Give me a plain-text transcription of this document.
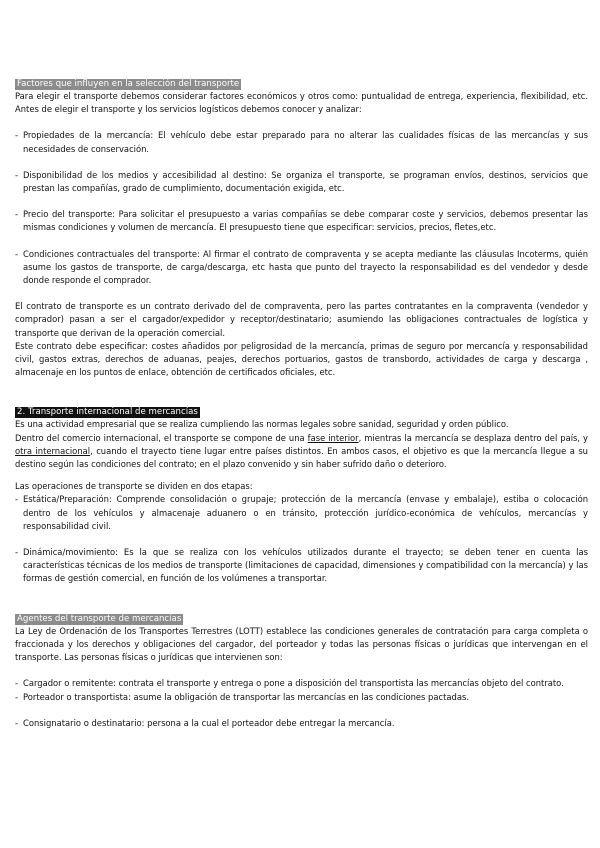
Factores que influyen en la selección del transporte

Para elegir el transporte debemos considerar factores económicos y otros como: puntualidad de entrega, experiencia, flexibilidad, etc. Antes de elegir el transporte y los servicios logísticos debemos conocer y analizar:

- Propiedades de la mercancía: El vehículo debe estar preparado para no alterar las cualidades físicas de las mercancías y sus necesidades de conservación.
- Disponibilidad de los medios y accesibilidad al destino: Se organiza el transporte, se programan envíos, destinos, servicios que prestan las compañías, grado de cumplimiento, documentación exigida, etc.
- Precio del transporte: Para solicitar el presupuesto a varias compañías se debe comparar coste y servicios, debemos presentar las mismas condiciones y volumen de mercancía. El presupuesto tiene que especificar: servicios, precios, fletes,etc.
- Condiciones contractuales del transporte: Al firmar el contrato de compraventa y se acepta mediante las cláusulas Incoterms, quién asume los gastos de transporte, de carga/descarga, etc hasta que punto del trayecto la responsabilidad es del vendedor y desde donde responde el comprador.

El contrato de transporte es un contrato derivado del de compraventa, pero las partes contratantes en la compraventa (vendedor y comprador) pasan a ser el cargador/expedidor y receptor/destinatario; asumiendo las obligaciones contractuales de logística y transporte que derivan de la operación comercial.

Este contrato debe especificar: costes añadidos por peligrosidad de la mercancía, primas de seguro por mercancía y responsabilidad civil, gastos extras, derechos de aduanas, peajes, derechos portuarios, gastos de transbordo, actividades de carga y descarga , almacenaje en los puntos de enlace, obtención de certificados oficiales, etc.

2. Transporte internacional de mercancías

Es una actividad empresarial que se realiza cumpliendo las normas legales sobre sanidad, seguridad y orden público.

Dentro del comercio internacional, el transporte se compone de una fase interior, mientras la mercancía se desplaza dentro del país, y otra internacional, cuando el trayecto tiene lugar entre países distintos. En ambos casos, el objetivo es que la mercancía llegue a su destino según las condiciones del contrato; en el plazo convenido y sin haber sufrido daño o deterioro.

Las operaciones de transporte se dividen en dos etapas:

- Estática/Preparación: Comprende consolidación o grupaje; protección de la mercancía (envase y embalaje), estiba o colocación dentro de los vehículos y almacenaje aduanero o en tránsito, protección jurídico-económica de vehículos, mercancías y responsabilidad civil.
- Dinámica/movimiento: Es la que se realiza con los vehículos utilizados durante el trayecto; se deben tener en cuenta las características técnicas de los medios de transporte (limitaciones de capacidad, dimensiones y compatibilidad con la mercancía) y las formas de gestión comercial, en función de los volúmenes a transportar.
Agentes del transporte de mercancías

La Ley de Ordenación de los Transportes Terrestres (LOTT) establece las condiciones generales de contratación para carga completa o fraccionada y los derechos y obligaciones del cargador, del porteador y todas las personas físicas o jurídicas que intervengan en el transporte. Las personas físicas o jurídicas que intervienen son:

- Cargador o remitente: contrata el transporte y entrega o pone a disposición del transportista las mercancías objeto del contrato.
- Porteador o transportista: asume la obligación de transportar las mercancías en las condiciones pactadas.
- Consignatario o destinatario: persona a la cual el porteador debe entregar la mercancía.
